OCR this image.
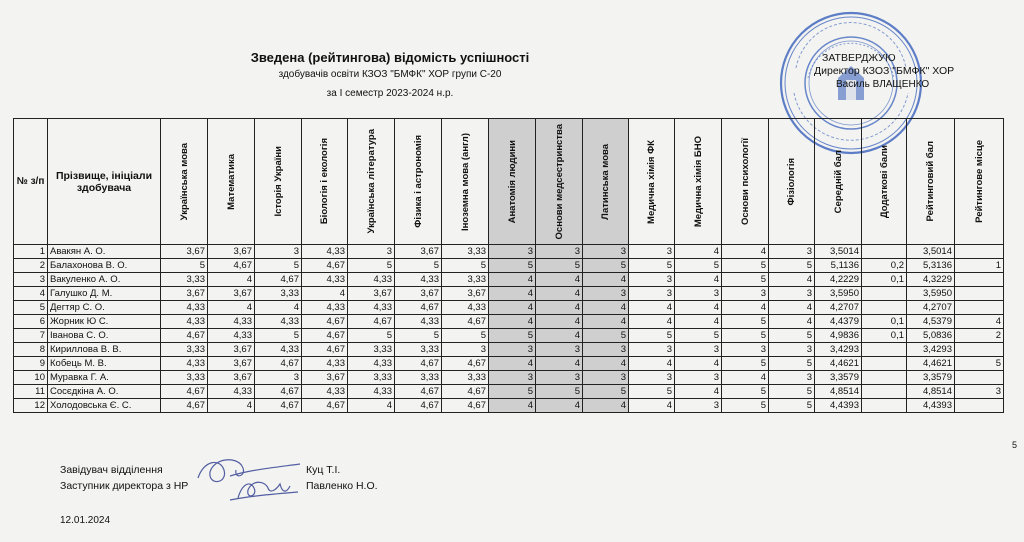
Зведена (рейтингова) відомість успішності
здобувачів освіти КЗОЗ "БМФК" ХОР групи С-20
за І семестр 2023-2024 н.р.
ЗАТВЕРДЖУЮ
Директор КЗОЗ "БМФК" ХОР
Василь ВЛАЩЕНКО
№ з/п	Прізвище, ініціали здобувача	Українська мова	Математика	Історія України	Біологія і екологія	Українська література	Фізика і астрономія	Іноземна мова (англ)	Анатомія людини	Основи медсестринства	Латинська мова	Медична хімія ФК	Медична хімія БНО	Основи психології	Фізіологія	Середній бал	Додаткові бали	Рейтинговий бал	Рейтингове місце

1	Авакян А. О.	3,67	3,67	3	4,33	3	3,67	3,33	3	3	3	3	4	4	3	3,5014		3,5014	
2	Балахонова В. О.	5	4,67	5	4,67	5	5	5	5	5	5	5	5	5	5	5,1136	0,2	5,3136	1
3	Вакуленко А. О.	3,33	4	4,67	4,33	4,33	4,33	3,33	4	4	4	3	4	5	4	4,2229	0,1	4,3229	
4	Галушко Д. М.	3,67	3,67	3,33	4	3,67	3,67	3,67	4	4	3	3	3	3	3	3,5950		3,5950	
5	Дегтяр С. О.	4,33	4	4	4,33	4,33	4,67	4,33	4	4	4	4	4	4	4	4,2707		4,2707	
6	Жорник Ю С.	4,33	4,33	4,33	4,67	4,67	4,33	4,67	4	4	4	4	4	5	4	4,4379	0,1	4,5379	4
7	Іванова С. О.	4,67	4,33	5	4,67	5	5	5	5	4	5	5	5	5	5	4,9836	0,1	5,0836	2
8	Кириллова В. В.	3,33	3,67	4,33	4,67	3,33	3,33	3	3	3	3	3	3	3	3	3,4293		3,4293	
9	Кобець М. В.	4,33	3,67	4,67	4,33	4,33	4,67	4,67	4	4	4	4	4	5	5	4,4621		4,4621	5
10	Муравка Г. А.	3,33	3,67	3	3,67	3,33	3,33	3,33	3	3	3	3	3	4	3	3,3579		3,3579	
11	Сосєдкіна А. О.	4,67	4,33	4,67	4,33	4,33	4,67	4,67	5	5	5	5	4	5	5	4,8514		4,8514	3
12	Холодовська Є. С.	4,67	4	4,67	4,67	4	4,67	4,67	4	4	4	4	3	5	5	4,4393		4,4393	
5
Завідувач відділення
Заступник директора з НР
Куц Т.І.
Павленко Н.О.
12.01.2024
